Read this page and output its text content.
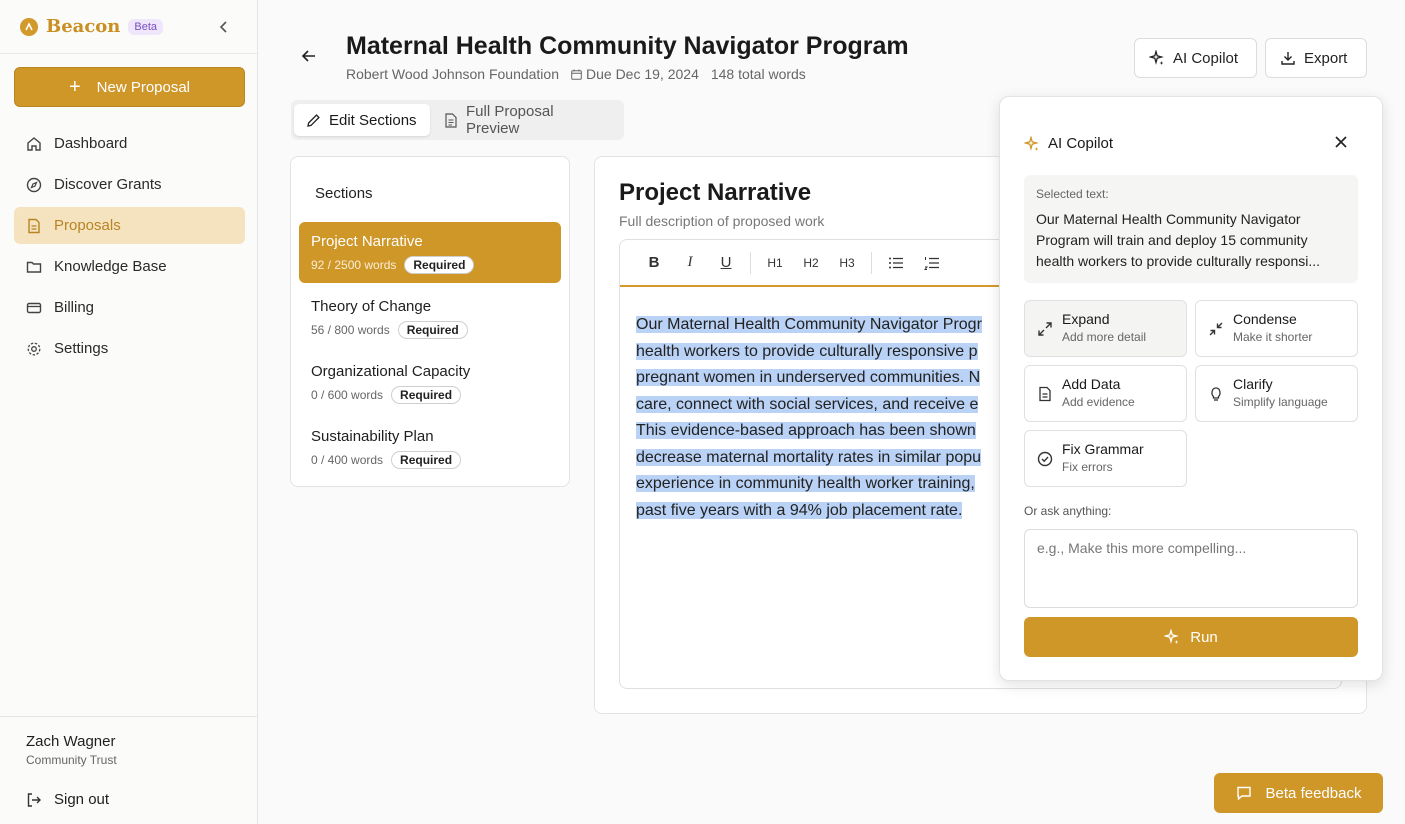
Beacon	Beta
+ New Proposal
Dashboard
Discover Grants
Proposals
Knowledge Base
Billing
Settings
Zach Wagner
Community Trust
Sign out
Maternal Health Community Navigator Program
Robert Wood Johnson Foundation Due Dec 19, 2024 148 total words
AI Copilot	Export
Edit Sections	Full Proposal Preview
Sections
Project Narrative
92 / 2500 words	Required
Theory of Change
56 / 800 words	Required
Organizational Capacity
0 / 600 words	Required
Sustainability Plan
0 / 400 words	Required
Project Narrative
Full description of proposed work
B	I	U	H1	H2	H3
Our Maternal Health Community Navigator Progr
health workers to provide culturally responsive p
pregnant women in underserved communities. N
care, connect with social services, and receive e
This evidence-based approach has been shown
decrease maternal mortality rates in similar popu
experience in community health worker training,
past five years with a 94% job placement rate.
AI Copilot
Selected text:
Our Maternal Health Community Navigator Program will train and deploy 15 community health workers to provide culturally responsi...
Expand
Add more detail
Condense
Make it shorter
Add Data
Add evidence
Clarify
Simplify language
Fix Grammar
Fix errors
Or ask anything:
e.g., Make this more compelling...
Run
Beta feedback
